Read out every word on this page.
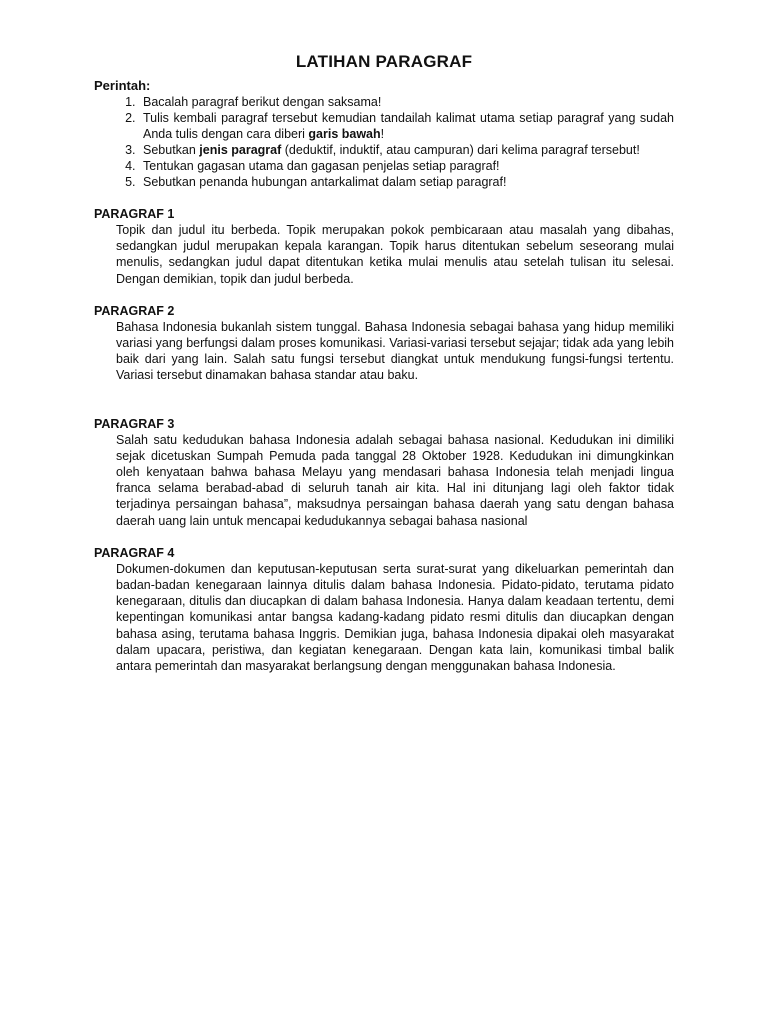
LATIHAN PARAGRAF
Perintah:
1. Bacalah paragraf berikut dengan saksama!
2. Tulis kembali paragraf tersebut kemudian tandailah kalimat utama setiap paragraf yang sudah Anda tulis dengan cara diberi garis bawah!
3. Sebutkan jenis paragraf (deduktif, induktif, atau campuran) dari kelima paragraf tersebut!
4. Tentukan gagasan utama dan gagasan penjelas setiap paragraf!
5. Sebutkan penanda hubungan antarkalimat dalam setiap paragraf!
PARAGRAF 1

Topik dan judul itu berbeda. Topik merupakan pokok pembicaraan atau masalah yang dibahas, sedangkan judul merupakan kepala karangan. Topik harus ditentukan sebelum seseorang mulai menulis, sedangkan judul dapat ditentukan ketika mulai menulis atau setelah tulisan itu selesai. Dengan demikian, topik dan judul berbeda.

PARAGRAF 2

Bahasa Indonesia bukanlah sistem tunggal. Bahasa Indonesia sebagai bahasa yang hidup memiliki variasi yang berfungsi dalam proses komunikasi. Variasi-variasi tersebut sejajar; tidak ada yang lebih baik dari yang lain. Salah satu fungsi tersebut diangkat untuk mendukung fungsi-fungsi tertentu. Variasi tersebut dinamakan bahasa standar atau baku.

PARAGRAF 3

Salah satu kedudukan bahasa Indonesia adalah sebagai bahasa nasional. Kedudukan ini dimiliki sejak dicetuskan Sumpah Pemuda pada tanggal 28 Oktober 1928. Kedudukan ini dimungkinkan oleh kenyataan bahwa bahasa Melayu yang mendasari bahasa Indonesia telah menjadi lingua franca selama berabad-abad di seluruh tanah air kita. Hal ini ditunjang lagi oleh faktor tidak terjadinya persaingan bahasa”, maksudnya persaingan bahasa daerah yang satu dengan bahasa daerah uang lain untuk mencapai kedudukannya sebagai bahasa nasional

PARAGRAF 4

Dokumen-dokumen dan keputusan-keputusan serta surat-surat yang dikeluarkan pemerintah dan badan-badan kenegaraan lainnya ditulis dalam bahasa Indonesia. Pidato-pidato, terutama pidato kenegaraan, ditulis dan diucapkan di dalam bahasa Indonesia. Hanya dalam keadaan tertentu, demi kepentingan komunikasi antar bangsa kadang-kadang pidato resmi ditulis dan diucapkan dengan bahasa asing, terutama bahasa Inggris. Demikian juga, bahasa Indonesia dipakai oleh masyarakat dalam upacara, peristiwa, dan kegiatan kenegaraan. Dengan kata lain, komunikasi timbal balik antara pemerintah dan masyarakat berlangsung dengan menggunakan bahasa Indonesia.
